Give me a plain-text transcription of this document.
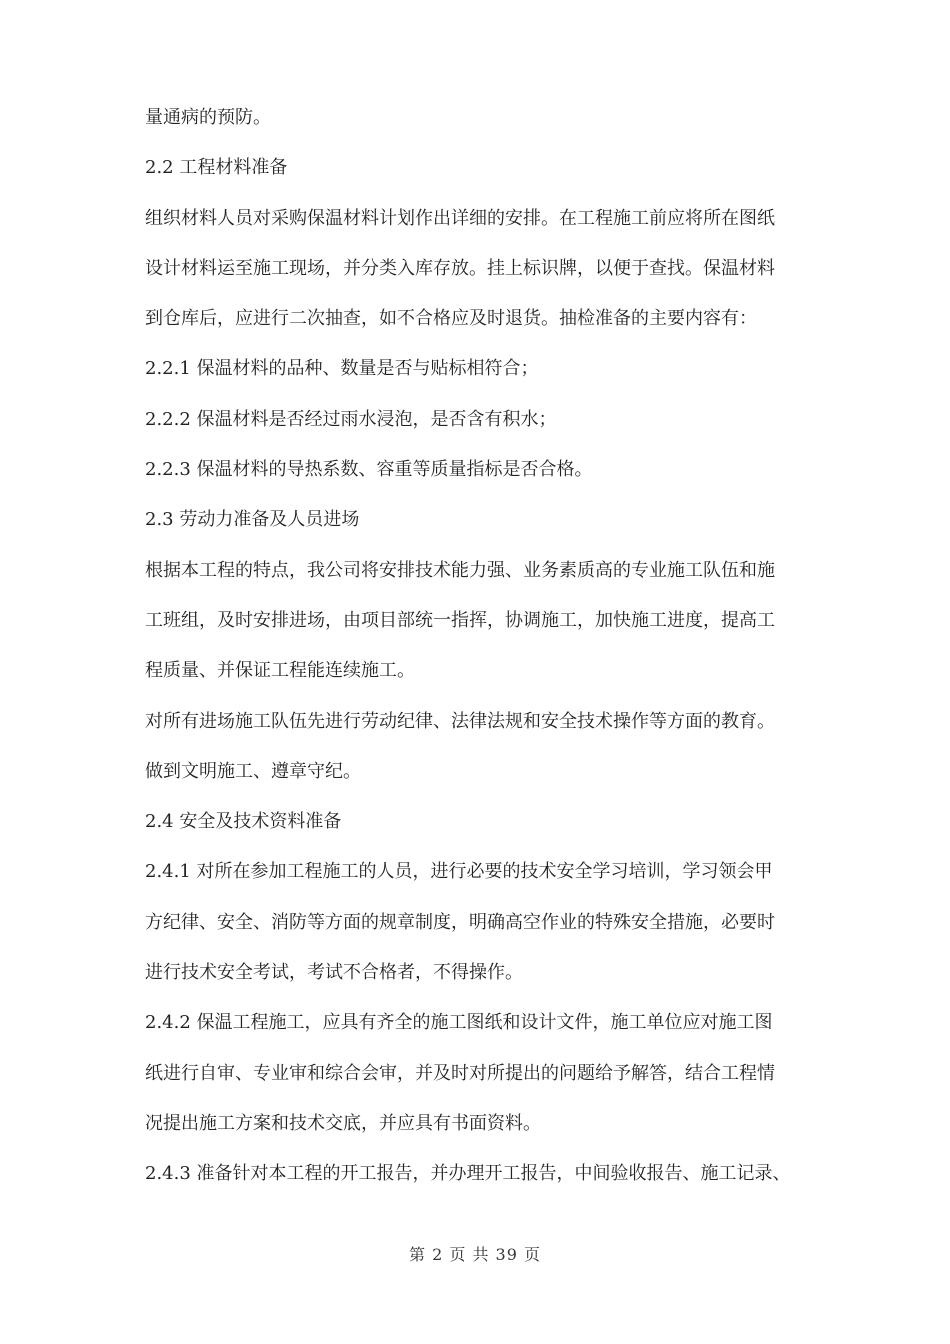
量通病的预防。
2.2 工程材料准备
组织材料人员对采购保温材料计划作出详细的安排。在工程施工前应将所在图纸
设计材料运至施工现场，并分类入库存放。挂上标识牌，以便于查找。保温材料
到仓库后，应进行二次抽查，如不合格应及时退货。抽检准备的主要内容有：
2.2.1 保温材料的品种、数量是否与贴标相符合；
2.2.2 保温材料是否经过雨水浸泡，是否含有积水；
2.2.3 保温材料的导热系数、容重等质量指标是否合格。
2.3 劳动力准备及人员进场
根据本工程的特点，我公司将安排技术能力强、业务素质高的专业施工队伍和施
工班组，及时安排进场，由项目部统一指挥，协调施工，加快施工进度，提高工
程质量、并保证工程能连续施工。
对所有进场施工队伍先进行劳动纪律、法律法规和安全技术操作等方面的教育。
做到文明施工、遵章守纪。
2.4 安全及技术资料准备
2.4.1 对所在参加工程施工的人员，进行必要的技术安全学习培训，学习领会甲
方纪律、安全、消防等方面的规章制度，明确高空作业的特殊安全措施，必要时
进行技术安全考试，考试不合格者，不得操作。
2.4.2 保温工程施工，应具有齐全的施工图纸和设计文件，施工单位应对施工图
纸进行自审、专业审和综合会审，并及时对所提出的问题给予解答，结合工程情
况提出施工方案和技术交底，并应具有书面资料。
2.4.3 准备针对本工程的开工报告，并办理开工报告，中间验收报告、施工记录、
第 2 页 共 39 页
